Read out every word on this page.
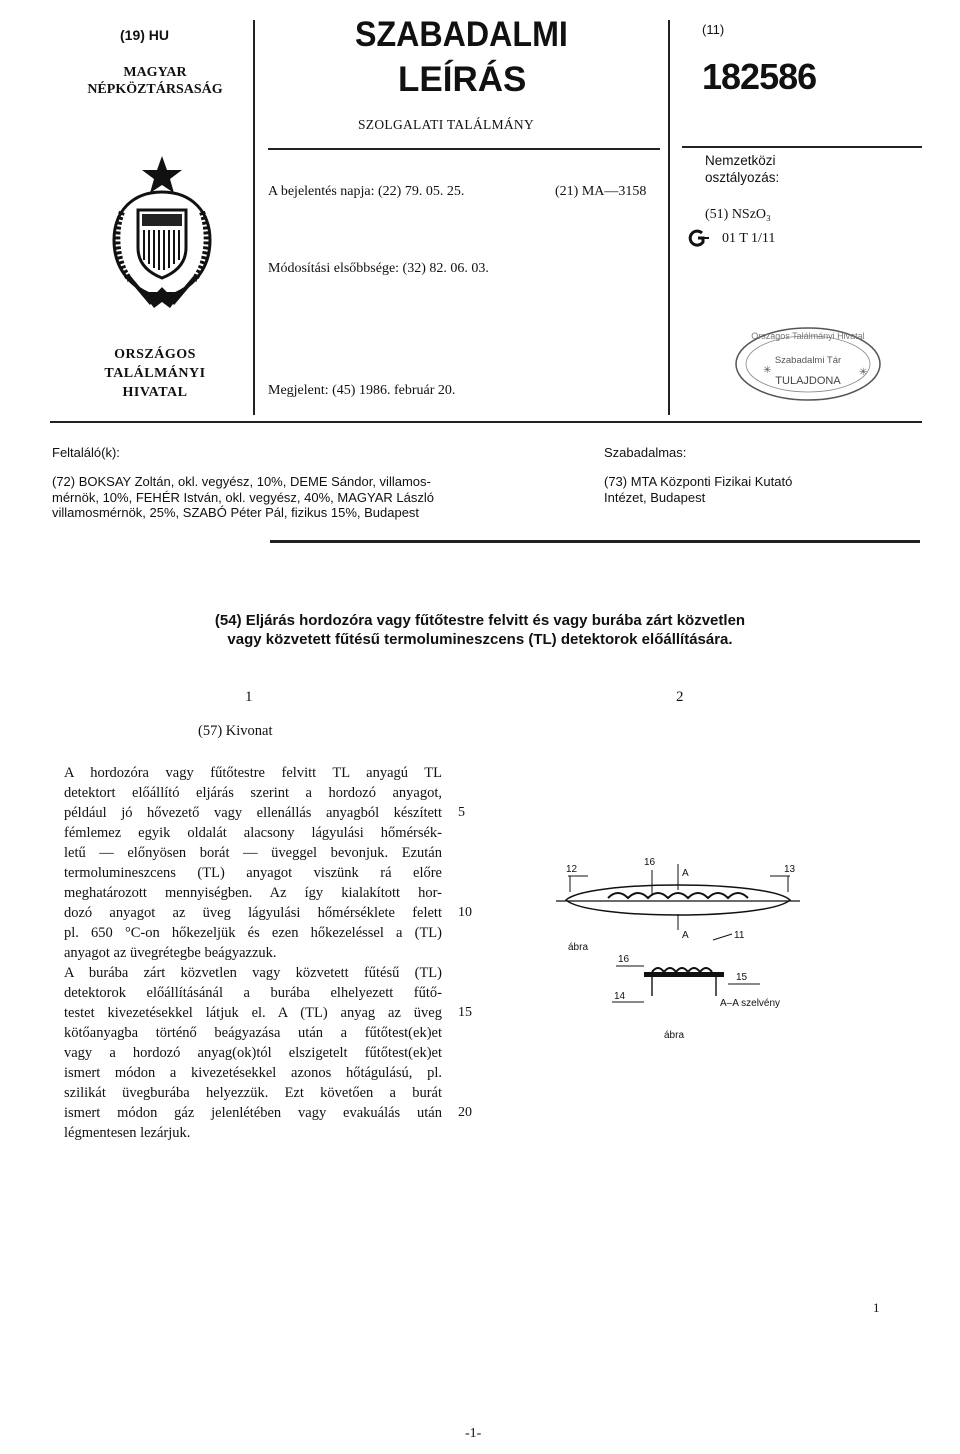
(19) HU
MAGYAR
NÉPKÖZTÁRSASÁG
ORSZÁGOS
TALÁLMÁNYI
HIVATAL
SZABADALMI
LEÍRÁS
SZOLGALATI TALÁLMÁNY
A bejelentés napja: (22) 79. 05. 25.	(21) MA—3158
Módosítási elsőbbsége: (32) 82. 06. 03.
Megjelent: (45) 1986. február 20.
(11)
182586
Nemzetközi
osztályozás:
(51) NSzO₃
01 T 1/11
✳	✳
Országos Találmányi Hivatal
Szabadalmi Tár
TULAJDONA
Feltaláló(k):	Szabadalmas:
(72) BOKSAY Zoltán, okl. vegyész, 10%, DEME Sándor, villamos-
mérnök, 10%, FEHÉR István, okl. vegyész, 40%, MAGYAR László
villamosmérnök, 25%, SZABÓ Péter Pál, fizikus 15%, Budapest
(73) MTA Központi Fizikai Kutató
Intézet, Budapest
(54) Eljárás hordozóra vagy fűtőtestre felvitt és vagy burába zárt közvetlen
vagy közvetett fűtésű termolumineszcens (TL) detektorok előállítására.
1	2
(57) Kivonat
A hordozóra vagy fűtőtestre felvitt TL anyagú TL
detektort előállító eljárás szerint a hordozó anyagot,
például jó hővezető vagy ellenállás anyagból készített
fémlemez egyik oldalát alacsony lágyulási hőmérsék-
letű — előnyösen borát — üveggel bevonjuk. Ezután
termolumineszcens (TL) anyagot viszünk rá előre
meghatározott mennyiségben. Az így kialakított hor-
dozó anyagot az üveg lágyulási hőmérséklete felett
pl. 650 °C-on hőkezeljük és ezen hőkezeléssel a (TL)
anyagot az üvegrétegbe beágyazzuk.
A burába zárt közvetlen vagy közvetett fűtésű (TL)
detektorok előállításánál a burába elhelyezett fűtő-
testet kivezetésekkel látjuk el. A (TL) anyag az üveg
kötőanyagba történő beágyazása után a fűtőtest(ek)et
vagy a hordozó anyag(ok)tól elszigetelt fűtőtest(ek)et
ismert módon a kivezetésekkel azonos hőtágulású, pl.
szilikát üvegburába helyezzük. Ezt követően a burát
ismert módon gáz jelenlétében vagy evakuálás után
légmentesen lezárjuk.
5
10
15
20
12
16
A	13
ábra
A	11
16
15
14
A–A szelvény
ábra
1
-1-
